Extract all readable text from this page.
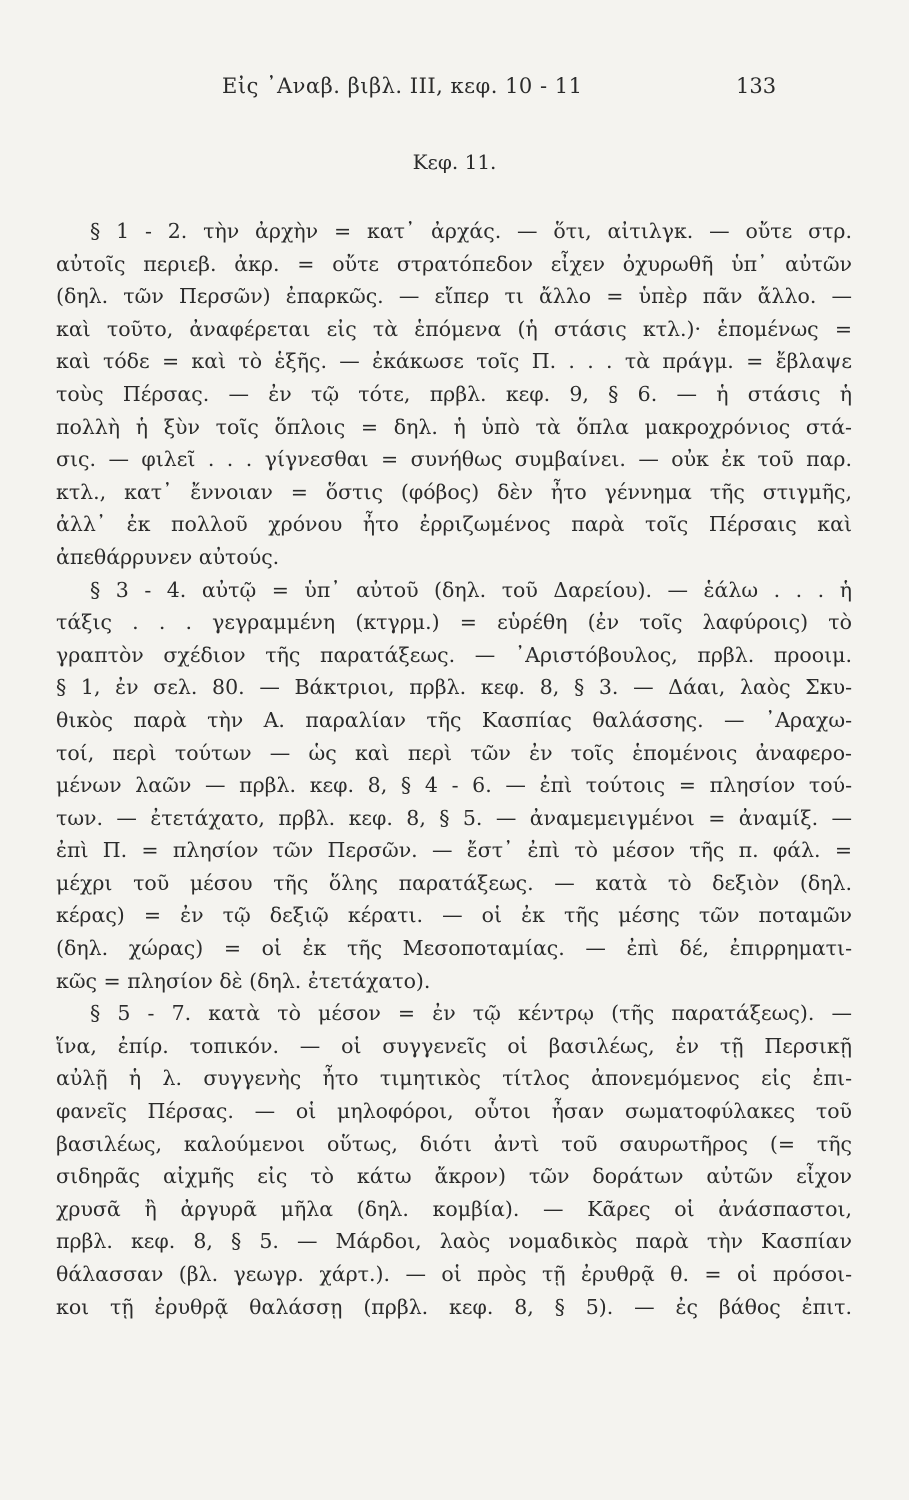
Εἰς ᾿Αναβ. βιβλ. III, κεφ. 10 - 11	133
Κεφ. 11.
§ 1 - 2. τὴν ἀρχὴν = κατ᾿ ἀρχάς. — ὅτι, αἰτιλγκ. — οὔτε στρ.
αὐτοῖς περιεβ. ἀκρ. = οὔτε στρατόπεδον εἶχεν ὀχυρωθῆ ὑπ᾿ αὐτῶν
(δηλ. τῶν Περσῶν) ἐπαρκῶς. — εἴπερ τι ἄλλο = ὑπὲρ πᾶν ἄλλο. —
καὶ τοῦτο, ἀναφέρεται εἰς τὰ ἑπόμενα (ἡ στάσις κτλ.)· ἑπομένως =
καὶ τόδε = καὶ τὸ ἑξῆς. — ἐκάκωσε τοῖς Π. . . . τὰ πράγμ. = ἔβλαψε
τοὺς Πέρσας. — ἐν τῷ τότε, πρβλ. κεφ. 9, § 6. — ἡ στάσις ἡ
πολλὴ ἡ ξὺν τοῖς ὅπλοις = δηλ. ἡ ὑπὸ τὰ ὅπλα μακροχρόνιος στά-
σις. — φιλεῖ . . . γίγνεσθαι = συνήθως συμβαίνει. — οὐκ ἐκ τοῦ παρ.
κτλ., κατ᾿ ἔννοιαν = ὅστις (φόβος) δὲν ἦτο γέννημα τῆς στιγμῆς,
ἀλλ᾿ ἐκ πολλοῦ χρόνου ἦτο ἐρριζωμένος παρὰ τοῖς Πέρσαις καὶ
ἀπεθάρρυνεν αὐτούς.
§ 3 - 4. αὐτῷ = ὑπ᾿ αὐτοῦ (δηλ. τοῦ Δαρείου). — ἑάλω . . . ἡ
τάξις . . . γεγραμμένη (κτγρμ.) = εὑρέθη (ἐν τοῖς λαφύροις) τὸ
γραπτὸν σχέδιον τῆς παρατάξεως. — ᾿Αριστόβουλος, πρβλ. προοιμ.
§ 1, ἐν σελ. 80. — Βάκτριοι, πρβλ. κεφ. 8, § 3. — Δάαι, λαὸς Σκυ-
θικὸς παρὰ τὴν Α. παραλίαν τῆς Κασπίας θαλάσσης. — ᾿Αραχω-
τοί, περὶ τούτων — ὡς καὶ περὶ τῶν ἐν τοῖς ἑπομένοις ἀναφερο-
μένων λαῶν — πρβλ. κεφ. 8, § 4 - 6. — ἐπὶ τούτοις = πλησίον τού-
των. — ἐτετάχατο, πρβλ. κεφ. 8, § 5. — ἀναμεμειγμένοι = ἀναμίξ. —
ἐπὶ Π. = πλησίον τῶν Περσῶν. — ἔστ᾿ ἐπὶ τὸ μέσον τῆς π. φάλ. =
μέχρι τοῦ μέσου τῆς ὅλης παρατάξεως. — κατὰ τὸ δεξιὸν (δηλ.
κέρας) = ἐν τῷ δεξιῷ κέρατι. — οἱ ἐκ τῆς μέσης τῶν ποταμῶν
(δηλ. χώρας) = οἱ ἐκ τῆς Μεσοποταμίας. — ἐπὶ δέ, ἐπιρρηματι-
κῶς = πλησίον δὲ (δηλ. ἐτετάχατο).
§ 5 - 7. κατὰ τὸ μέσον = ἐν τῷ κέντρῳ (τῆς παρατάξεως). —
ἵνα, ἐπίρ. τοπικόν. — οἱ συγγενεῖς οἱ βασιλέως, ἐν τῇ Περσικῇ
αὐλῇ ἡ λ. συγγενὴς ἦτο τιμητικὸς τίτλος ἀπονεμόμενος εἰς ἐπι-
φανεῖς Πέρσας. — οἱ μηλοφόροι, οὗτοι ἦσαν σωματοφύλακες τοῦ
βασιλέως, καλούμενοι οὕτως, διότι ἀντὶ τοῦ σαυρωτῆρος (= τῆς
σιδηρᾶς αἰχμῆς εἰς τὸ κάτω ἄκρον) τῶν δοράτων αὐτῶν εἶχον
χρυσᾶ ἢ ἀργυρᾶ μῆλα (δηλ. κομβία). — Κᾶρες οἱ ἀνάσπαστοι,
πρβλ. κεφ. 8, § 5. — Μάρδοι, λαὸς νομαδικὸς παρὰ τὴν Κασπίαν
θάλασσαν (βλ. γεωγρ. χάρτ.). — οἱ πρὸς τῇ ἐρυθρᾷ θ. = οἱ πρόσοι-
κοι τῇ ἐρυθρᾷ θαλάσσῃ (πρβλ. κεφ. 8, § 5). — ἐς βάθος ἐπιτ.
